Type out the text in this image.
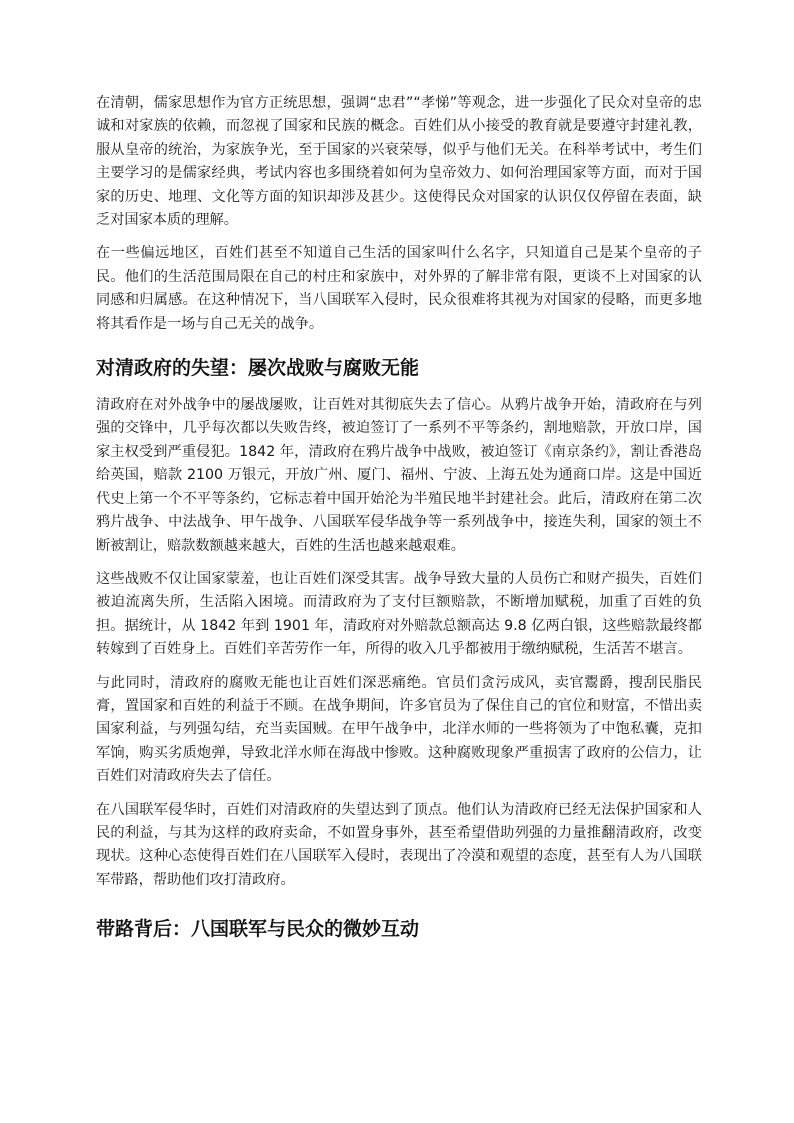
在清朝，儒家思想作为官方正统思想，强调“忠君”“孝悌”等观念，进一步强化了民众对皇帝的忠诚和对家族的依赖，而忽视了国家和民族的概念。百姓们从小接受的教育就是要遵守封建礼教，服从皇帝的统治，为家族争光，至于国家的兴衰荣辱，似乎与他们无关。在科举考试中，考生们主要学习的是儒家经典，考试内容也多围绕着如何为皇帝效力、如何治理国家等方面，而对于国家的历史、地理、文化等方面的知识却涉及甚少。这使得民众对国家的认识仅仅停留在表面，缺乏对国家本质的理解。

在一些偏远地区，百姓们甚至不知道自己生活的国家叫什么名字，只知道自己是某个皇帝的子民。他们的生活范围局限在自己的村庄和家族中，对外界的了解非常有限，更谈不上对国家的认同感和归属感。在这种情况下，当八国联军入侵时，民众很难将其视为对国家的侵略，而更多地将其看作是一场与自己无关的战争。

对清政府的失望：屡次战败与腐败无能

清政府在对外战争中的屡战屡败，让百姓对其彻底失去了信心。从鸦片战争开始，清政府在与列强的交锋中，几乎每次都以失败告终，被迫签订了一系列不平等条约，割地赔款，开放口岸，国家主权受到严重侵犯。1842 年，清政府在鸦片战争中战败，被迫签订《南京条约》，割让香港岛给英国，赔款 2100 万银元，开放广州、厦门、福州、宁波、上海五处为通商口岸。这是中国近代史上第一个不平等条约，它标志着中国开始沦为半殖民地半封建社会。此后，清政府在第二次鸦片战争、中法战争、甲午战争、八国联军侵华战争等一系列战争中，接连失利，国家的领土不断被割让，赔款数额越来越大，百姓的生活也越来越艰难。

这些战败不仅让国家蒙羞，也让百姓们深受其害。战争导致大量的人员伤亡和财产损失，百姓们被迫流离失所，生活陷入困境。而清政府为了支付巨额赔款，不断增加赋税，加重了百姓的负担。据统计，从 1842 年到 1901 年，清政府对外赔款总额高达 9.8 亿两白银，这些赔款最终都转嫁到了百姓身上。百姓们辛苦劳作一年，所得的收入几乎都被用于缴纳赋税，生活苦不堪言。

与此同时，清政府的腐败无能也让百姓们深恶痛绝。官员们贪污成风，卖官鬻爵，搜刮民脂民膏，置国家和百姓的利益于不顾。在战争期间，许多官员为了保住自己的官位和财富，不惜出卖国家利益，与列强勾结，充当卖国贼。在甲午战争中，北洋水师的一些将领为了中饱私囊，克扣军饷，购买劣质炮弹，导致北洋水师在海战中惨败。这种腐败现象严重损害了政府的公信力，让百姓们对清政府失去了信任。

在八国联军侵华时，百姓们对清政府的失望达到了顶点。他们认为清政府已经无法保护国家和人民的利益，与其为这样的政府卖命，不如置身事外，甚至希望借助列强的力量推翻清政府，改变现状。这种心态使得百姓们在八国联军入侵时，表现出了冷漠和观望的态度，甚至有人为八国联军带路，帮助他们攻打清政府。

带路背后：八国联军与民众的微妙互动
